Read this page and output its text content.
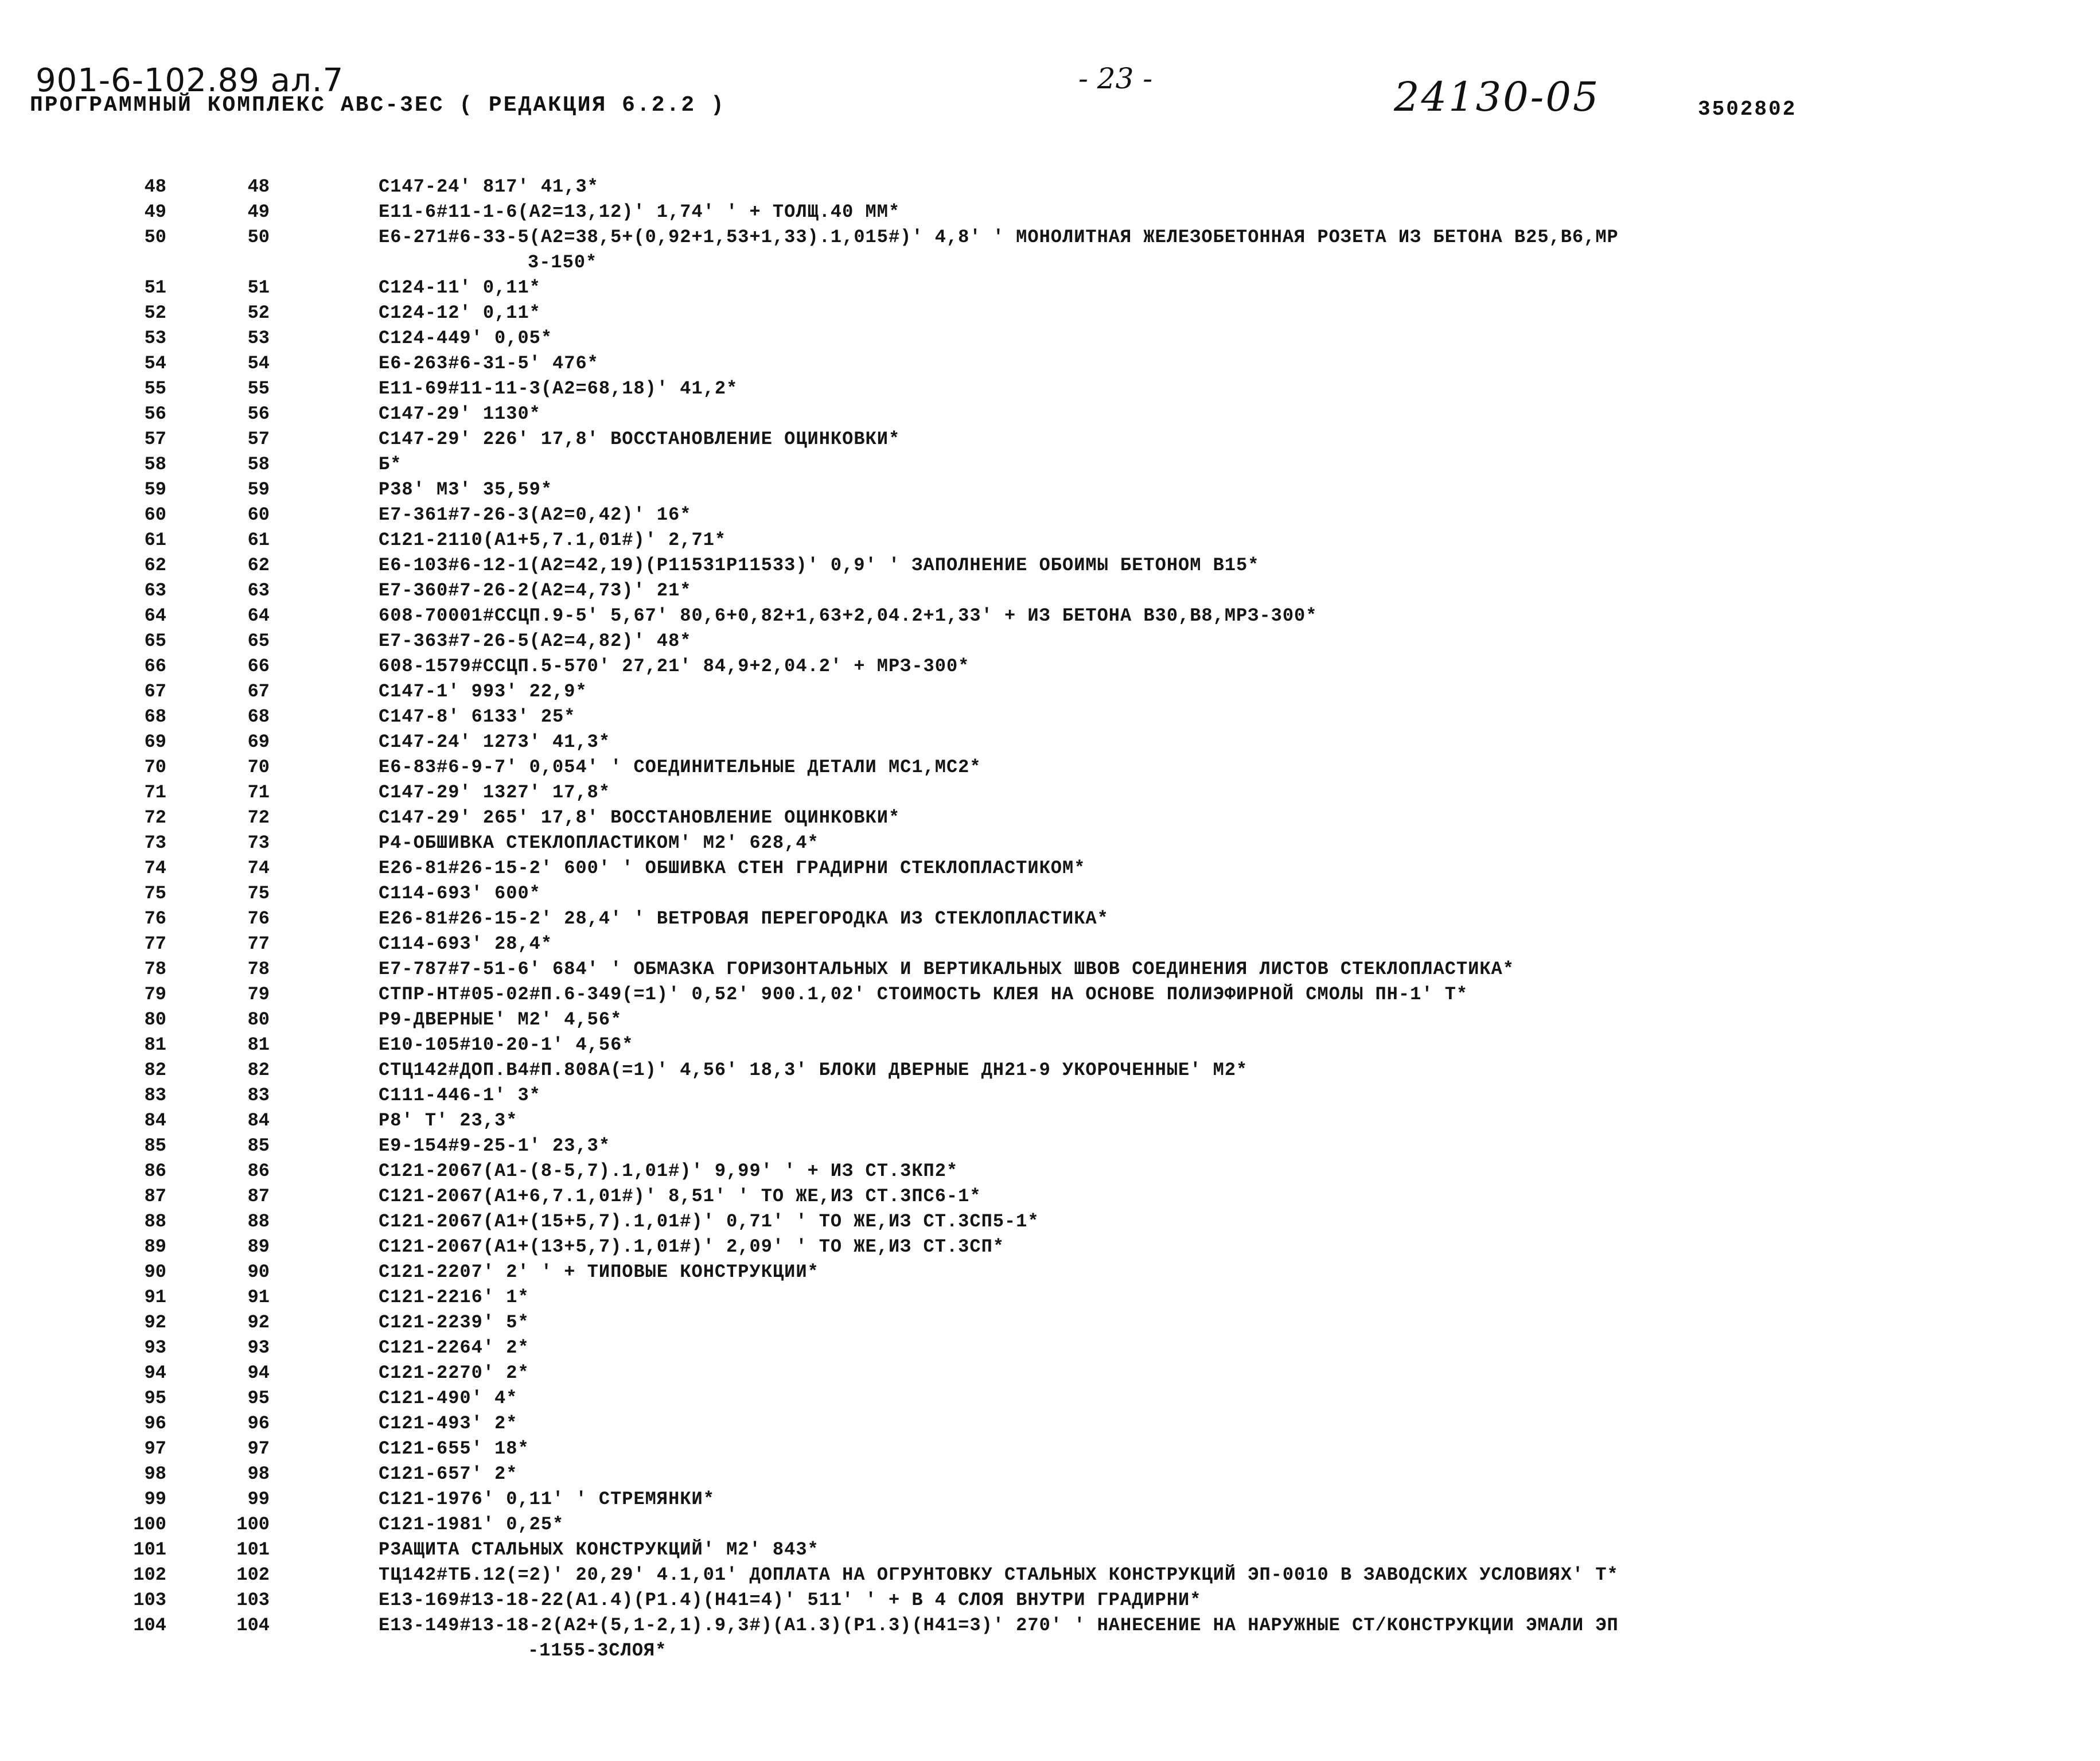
901-6-102.89 ал.7
ПРОГРАММНЫЙ КОМПЛЕКС АВС-3ЕС ( РЕДАКЦИЯ 6.2.2 )
- 23 -	24130-05	3502802
48	48	С147-24′ 817′ 41,3*
49	49	Е11-6#11-1-6(А2=13,12)′ 1,74′ ′ + ТОЛЩ.40 ММ*
50	50	Е6-271#6-33-5(А2=38,5+(0,92+1,53+1,33).1,015#)′ 4,8′ ′ МОНОЛИТНАЯ ЖЕЛЕЗОБЕТОННАЯ РОЗЕТА ИЗ БЕТОНА В25,В6,МР
3-150*
51	51	С124-11′ 0,11*
52	52	С124-12′ 0,11*
53	53	С124-449′ 0,05*
54	54	Е6-263#6-31-5′ 476*
55	55	Е11-69#11-11-3(А2=68,18)′ 41,2*
56	56	С147-29′ 1130*
57	57	С147-29′ 226′ 17,8′ ВОССТАНОВЛЕНИЕ ОЦИНКОВКИ*
58	58	Б*
59	59	Р38′ М3′ 35,59*
60	60	Е7-361#7-26-3(А2=0,42)′ 16*
61	61	С121-2110(А1+5,7.1,01#)′ 2,71*
62	62	Е6-103#6-12-1(А2=42,19)(Р11531Р11533)′ 0,9′ ′ ЗАПОЛНЕНИЕ ОБОИМЫ БЕТОНОМ В15*
63	63	Е7-360#7-26-2(А2=4,73)′ 21*
64	64	608-70001#ССЦП.9-5′ 5,67′ 80,6+0,82+1,63+2,04.2+1,33′ + ИЗ БЕТОНА В30,В8,МРЗ-300*
65	65	Е7-363#7-26-5(А2=4,82)′ 48*
66	66	608-1579#ССЦП.5-570′ 27,21′ 84,9+2,04.2′ + МРЗ-300*
67	67	С147-1′ 993′ 22,9*
68	68	С147-8′ 6133′ 25*
69	69	С147-24′ 1273′ 41,3*
70	70	Е6-83#6-9-7′ 0,054′ ′ СОЕДИНИТЕЛЬНЫЕ ДЕТАЛИ МС1,МС2*
71	71	С147-29′ 1327′ 17,8*
72	72	С147-29′ 265′ 17,8′ ВОССТАНОВЛЕНИЕ ОЦИНКОВКИ*
73	73	Р4-ОБШИВКА СТЕКЛОПЛАСТИКОМ′ М2′ 628,4*
74	74	Е26-81#26-15-2′ 600′ ′ ОБШИВКА СТЕН ГРАДИРНИ СТЕКЛОПЛАСТИКОМ*
75	75	С114-693′ 600*
76	76	Е26-81#26-15-2′ 28,4′ ′ ВЕТРОВАЯ ПЕРЕГОРОДКА ИЗ СТЕКЛОПЛАСТИКА*
77	77	С114-693′ 28,4*
78	78	Е7-787#7-51-6′ 684′ ′ ОБМАЗКА ГОРИЗОНТАЛЬНЫХ И ВЕРТИКАЛЬНЫХ ШВОВ СОЕДИНЕНИЯ ЛИСТОВ СТЕКЛОПЛАСТИКА*
79	79	СТПР-НТ#05-02#П.6-349(=1)′ 0,52′ 900.1,02′ СТОИМОСТЬ КЛЕЯ НА ОСНОВЕ ПОЛИЭФИРНОЙ СМОЛЫ ПН-1′ Т*
80	80	Р9-ДВЕРНЫЕ′ М2′ 4,56*
81	81	Е10-105#10-20-1′ 4,56*
82	82	СТЦ142#ДОП.В4#П.808А(=1)′ 4,56′ 18,3′ БЛОКИ ДВЕРНЫЕ ДН21-9 УКОРОЧЕННЫЕ′ М2*
83	83	С111-446-1′ 3*
84	84	Р8′ Т′ 23,3*
85	85	Е9-154#9-25-1′ 23,3*
86	86	С121-2067(А1-(8-5,7).1,01#)′ 9,99′ ′ + ИЗ СТ.3КП2*
87	87	С121-2067(А1+6,7.1,01#)′ 8,51′ ′ ТО ЖЕ,ИЗ СТ.3ПС6-1*
88	88	С121-2067(А1+(15+5,7).1,01#)′ 0,71′ ′ ТО ЖЕ,ИЗ СТ.3СП5-1*
89	89	С121-2067(А1+(13+5,7).1,01#)′ 2,09′ ′ ТО ЖЕ,ИЗ СТ.3СП*
90	90	С121-2207′ 2′ ′ + ТИПОВЫЕ КОНСТРУКЦИИ*
91	91	С121-2216′ 1*
92	92	С121-2239′ 5*
93	93	С121-2264′ 2*
94	94	С121-2270′ 2*
95	95	С121-490′ 4*
96	96	С121-493′ 2*
97	97	С121-655′ 18*
98	98	С121-657′ 2*
99	99	С121-1976′ 0,11′ ′ СТРЕМЯНКИ*
100	100	С121-1981′ 0,25*
101	101	Р3АЩИТА СТАЛЬНЫХ КОНСТРУКЦИЙ′ М2′ 843*
102	102	ТЦ142#ТБ.12(=2)′ 20,29′ 4.1,01′ ДОПЛАТА НА ОГРУНТОВКУ СТАЛЬНЫХ КОНСТРУКЦИЙ ЭП-0010 В ЗАВОДСКИХ УСЛОВИЯХ′ Т*
103	103	Е13-169#13-18-22(А1.4)(Р1.4)(Н41=4)′ 511′ ′ + В 4 СЛОЯ ВНУТРИ ГРАДИРНИ*
104	104	Е13-149#13-18-2(А2+(5,1-2,1).9,3#)(А1.3)(Р1.3)(Н41=3)′ 270′ ′ НАНЕСЕНИЕ НА НАРУЖНЫЕ СТ/КОНСТРУКЦИИ ЭМАЛИ ЭП
-1155-3СЛОЯ*
